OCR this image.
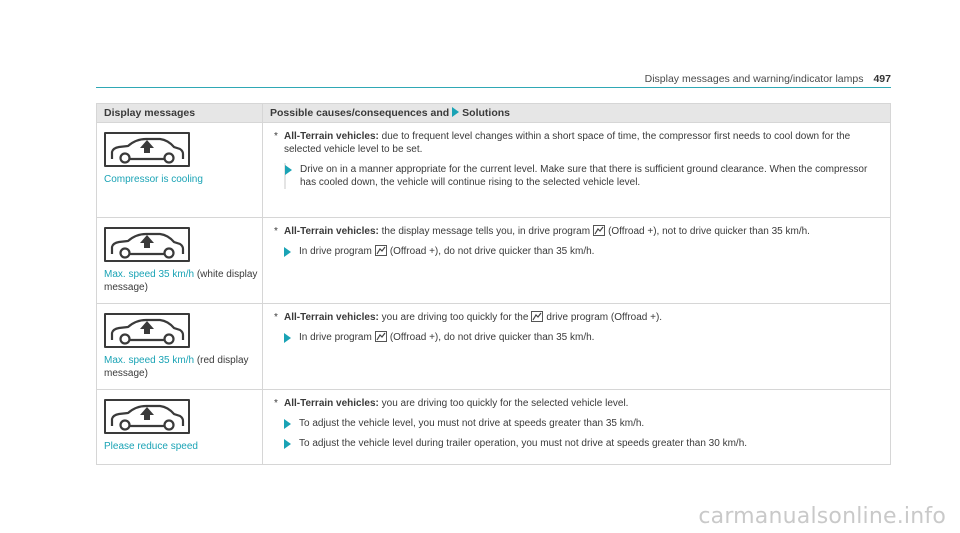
Display messages and warning/indicator lamps 497
Display messages	Possible causes/consequences and Solutions

Compressor is cooling	* All-Terrain vehicles: due to frequent level changes within a short space of time, the compressor first needs to cool down for the selected vehicle level to be set.
Drive on in a manner appropriate for the current level. Make sure that there is sufficient ground clearance. When the compressor has cooled down, the vehicle will continue rising to the selected vehicle level.

Max. speed 35 km/h (white display message)	* All-Terrain vehicles: the display message tells you, in drive program (Offroad +), not to drive quicker than 35 km/h.
In drive program (Offroad +), do not drive quicker than 35 km/h.

Max. speed 35 km/h (red display message)	* All-Terrain vehicles: you are driving too quickly for the drive program (Offroad +).
In drive program (Offroad +), do not drive quicker than 35 km/h.

Please reduce speed	* All-Terrain vehicles: you are driving too quickly for the selected vehicle level.
To adjust the vehicle level, you must not drive at speeds greater than 35 km/h.
To adjust the vehicle level during trailer operation, you must not drive at speeds greater than 30 km/h.
carmanualsonline.info
